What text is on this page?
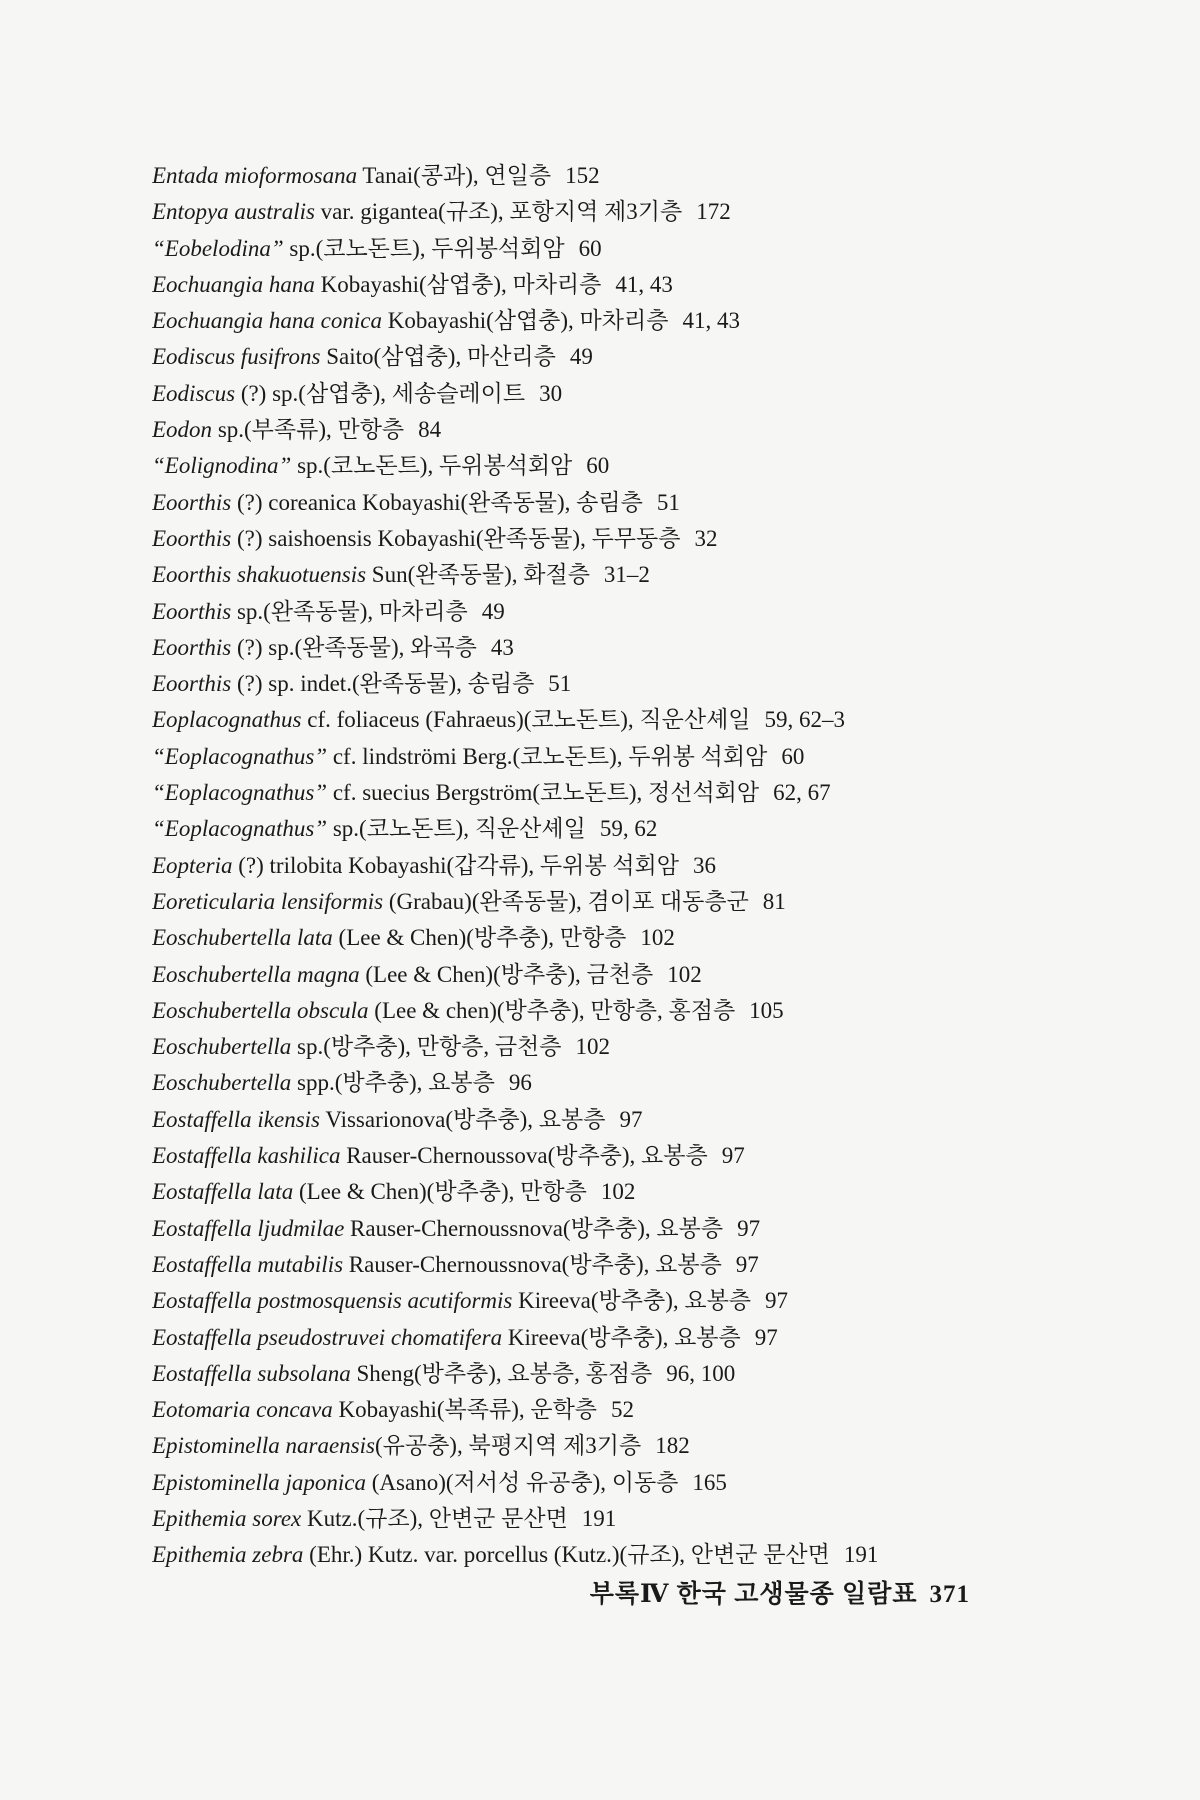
Entada mioformosana Tanai(콩과), 연일층 152
Entopya australis var. gigantea(규조), 포항지역 제3기층 172
“Eobelodina” sp.(코노돈트), 두위봉석회암 60
Eochuangia hana Kobayashi(삼엽충), 마차리층 41, 43
Eochuangia hana conica Kobayashi(삼엽충), 마차리층 41, 43
Eodiscus fusifrons Saito(삼엽충), 마산리층 49
Eodiscus (?) sp.(삼엽충), 세송슬레이트 30
Eodon sp.(부족류), 만항층 84
“Eolignodina” sp.(코노돈트), 두위봉석회암 60
Eoorthis (?) coreanica Kobayashi(완족동물), 송림층 51
Eoorthis (?) saishoensis Kobayashi(완족동물), 두무동층 32
Eoorthis shakuotuensis Sun(완족동물), 화절층 31–2
Eoorthis sp.(완족동물), 마차리층 49
Eoorthis (?) sp.(완족동물), 와곡층 43
Eoorthis (?) sp. indet.(완족동물), 송림층 51
Eoplacognathus cf. foliaceus (Fahraeus)(코노돈트), 직운산셰일 59, 62–3
“Eoplacognathus” cf. lindströmi Berg.(코노돈트), 두위봉 석회암 60
“Eoplacognathus” cf. suecius Bergström(코노돈트), 정선석회암 62, 67
“Eoplacognathus” sp.(코노돈트), 직운산셰일 59, 62
Eopteria (?) trilobita Kobayashi(갑각류), 두위봉 석회암 36
Eoreticularia lensiformis (Grabau)(완족동물), 겸이포 대동층군 81
Eoschubertella lata (Lee & Chen)(방추충), 만항층 102
Eoschubertella magna (Lee & Chen)(방추충), 금천층 102
Eoschubertella obscula (Lee & chen)(방추충), 만항층, 홍점층 105
Eoschubertella sp.(방추충), 만항층, 금천층 102
Eoschubertella spp.(방추충), 요봉층 96
Eostaffella ikensis Vissarionova(방추충), 요봉층 97
Eostaffella kashilica Rauser-Chernoussova(방추충), 요봉층 97
Eostaffella lata (Lee & Chen)(방추충), 만항층 102
Eostaffella ljudmilae Rauser-Chernoussnova(방추충), 요봉층 97
Eostaffella mutabilis Rauser-Chernoussnova(방추충), 요봉층 97
Eostaffella postmosquensis acutiformis Kireeva(방추충), 요봉층 97
Eostaffella pseudostruvei chomatifera Kireeva(방추충), 요봉층 97
Eostaffella subsolana Sheng(방추충), 요봉층, 홍점층 96, 100
Eotomaria concava Kobayashi(복족류), 운학층 52
Epistominella naraensis(유공충), 북평지역 제3기층 182
Epistominella japonica (Asano)(저서성 유공충), 이동층 165
Epithemia sorex Kutz.(규조), 안변군 문산면 191
Epithemia zebra (Ehr.) Kutz. var. porcellus (Kutz.)(규조), 안변군 문산면 191
부록Ⅳ 한국 고생물종 일람표 371
